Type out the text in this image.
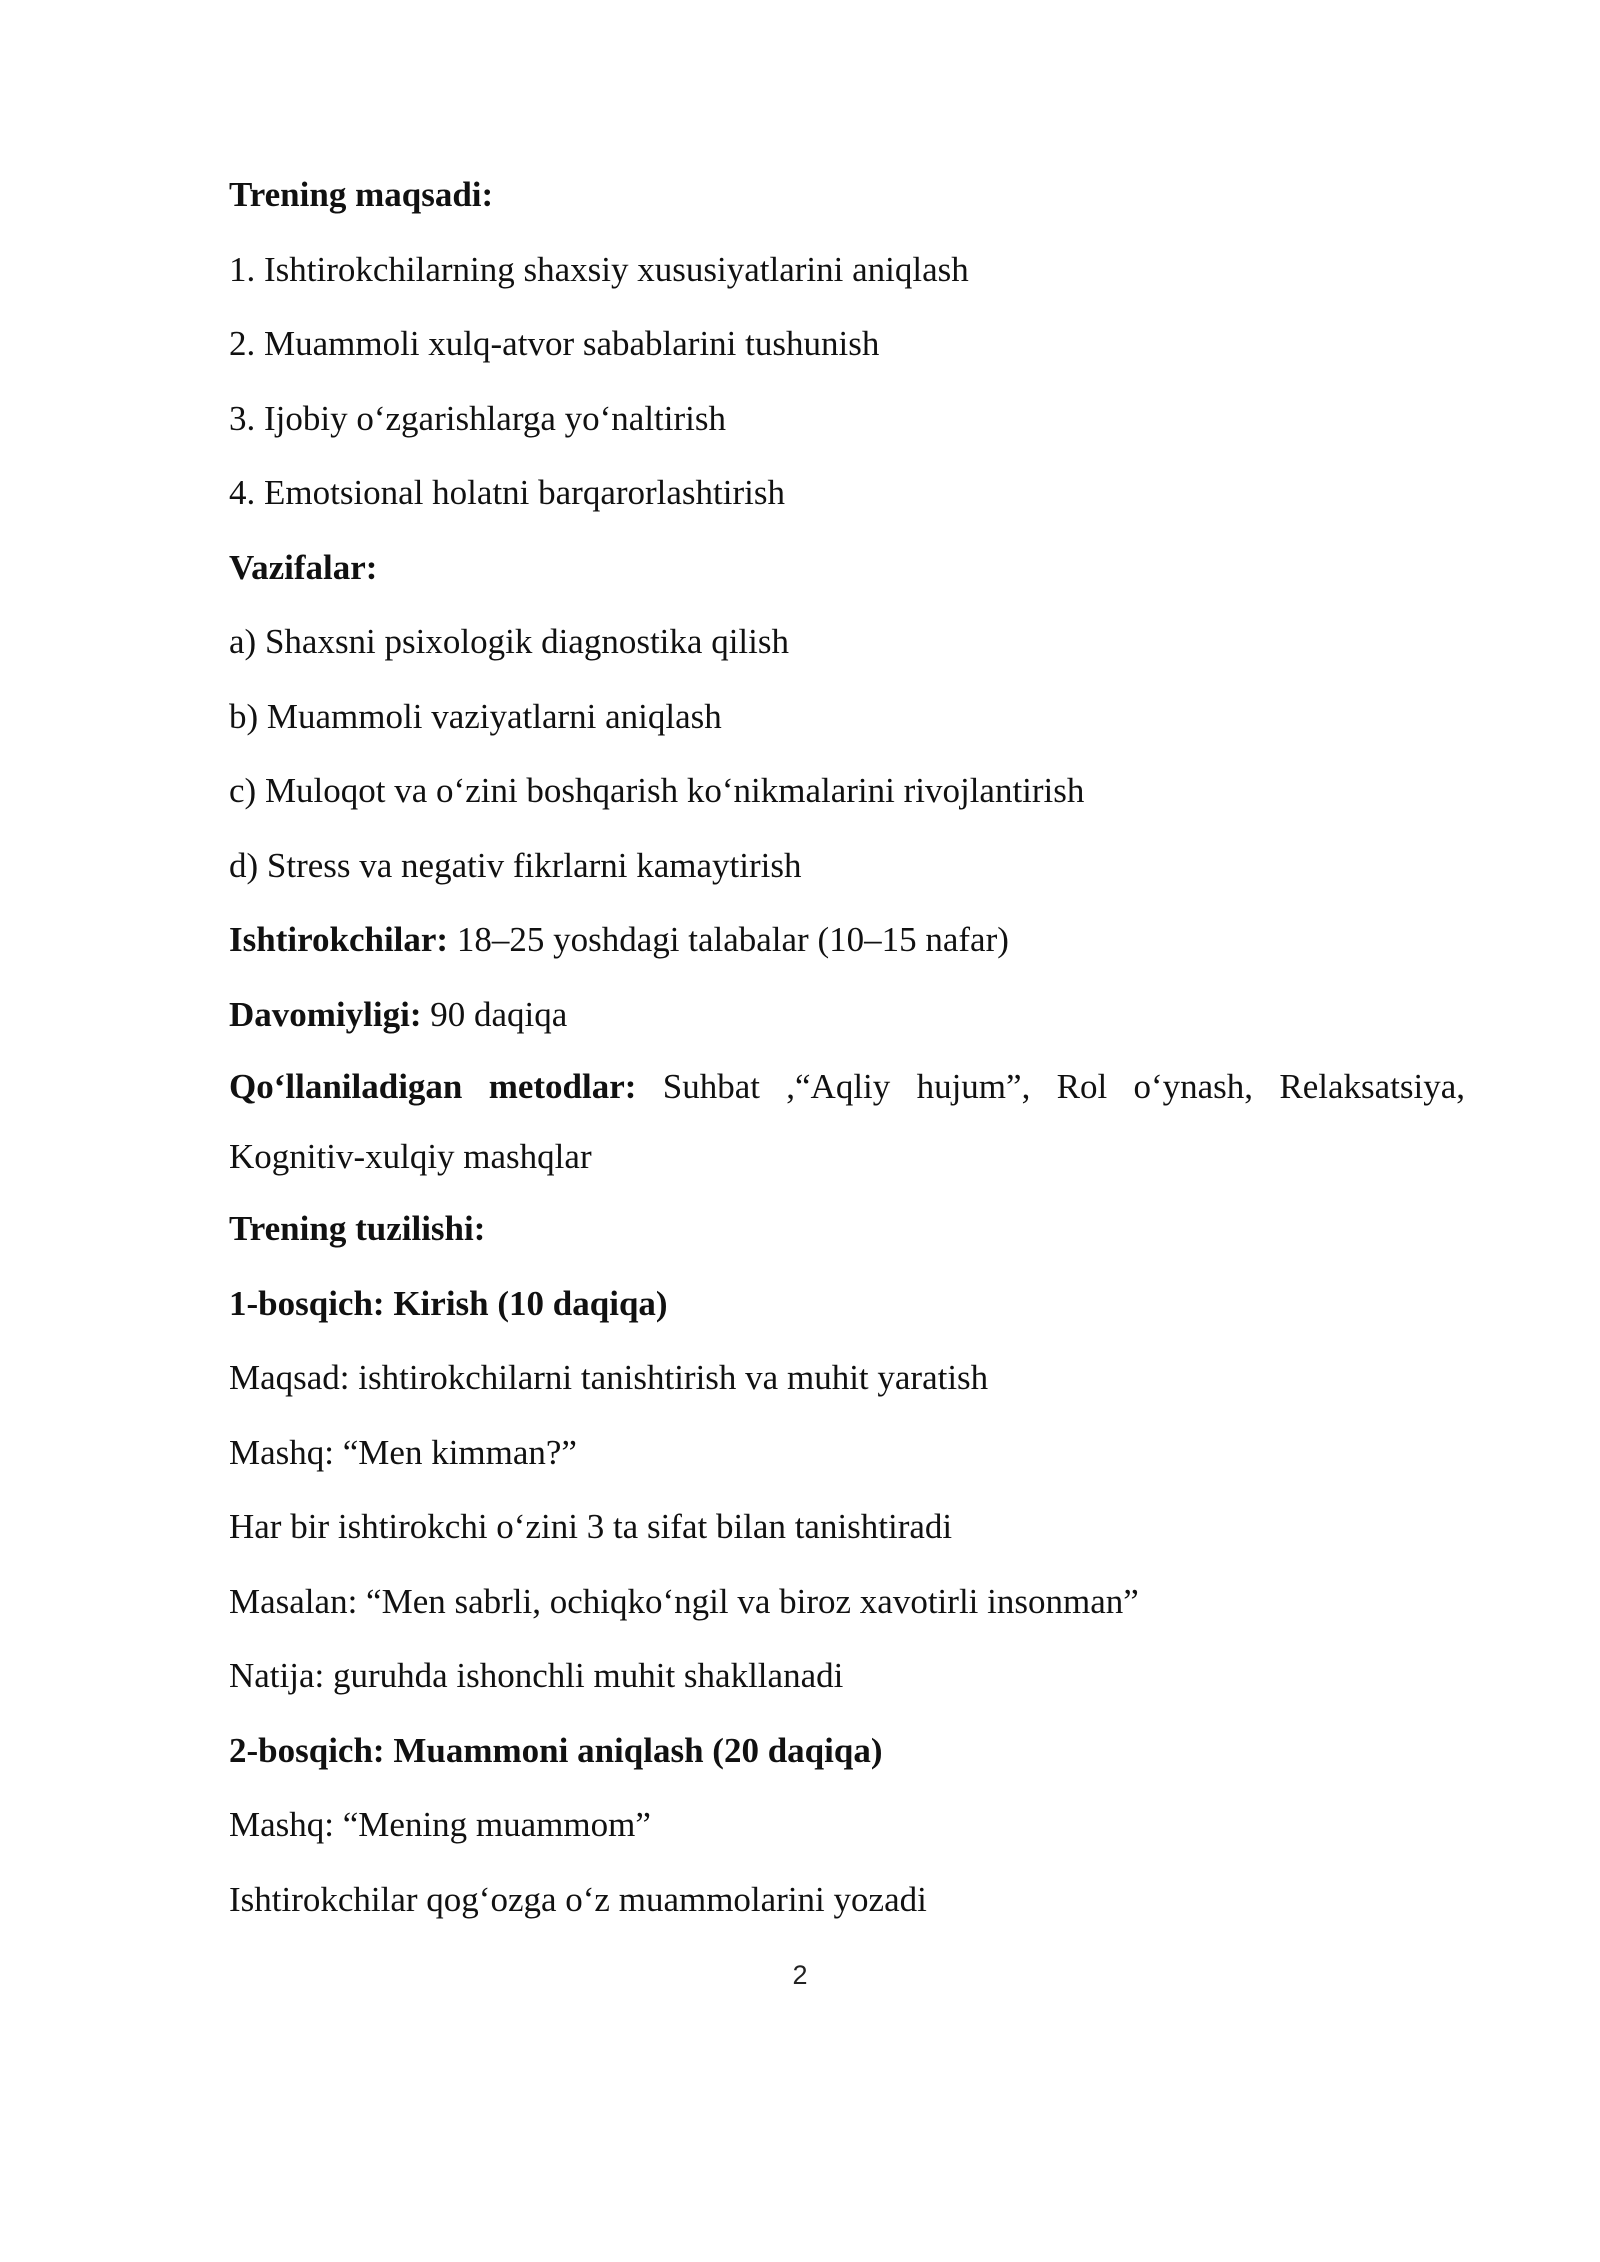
Trening maqsadi:
1. Ishtirokchilarning shaxsiy xususiyatlarini aniqlash
2. Muammoli xulq-atvor sabablarini tushunish
3. Ijobiy o‘zgarishlarga yo‘naltirish
4. Emotsional holatni barqarorlashtirish
Vazifalar:
a) Shaxsni psixologik diagnostika qilish
b) Muammoli vaziyatlarni aniqlash
c) Muloqot va o‘zini boshqarish ko‘nikmalarini rivojlantirish
d) Stress va negativ fikrlarni kamaytirish
Ishtirokchilar: 18–25 yoshdagi talabalar (10–15 nafar)
Davomiyligi: 90 daqiqa
Qo‘llaniladigan metodlar: Suhbat ,“Aqliy hujum”, Rol o‘ynash, Relaksatsiya,
Kognitiv-xulqiy mashqlar
Trening tuzilishi:
1-bosqich: Kirish (10 daqiqa)
Maqsad: ishtirokchilarni tanishtirish va muhit yaratish
Mashq: “Men kimman?”
Har bir ishtirokchi o‘zini 3 ta sifat bilan tanishtiradi
Masalan: “Men sabrli, ochiqko‘ngil va biroz xavotirli insonman”
Natija: guruhda ishonchli muhit shakllanadi
2-bosqich: Muammoni aniqlash (20 daqiqa)
Mashq: “Mening muammom”
Ishtirokchilar qog‘ozga o‘z muammolarini yozadi
2
